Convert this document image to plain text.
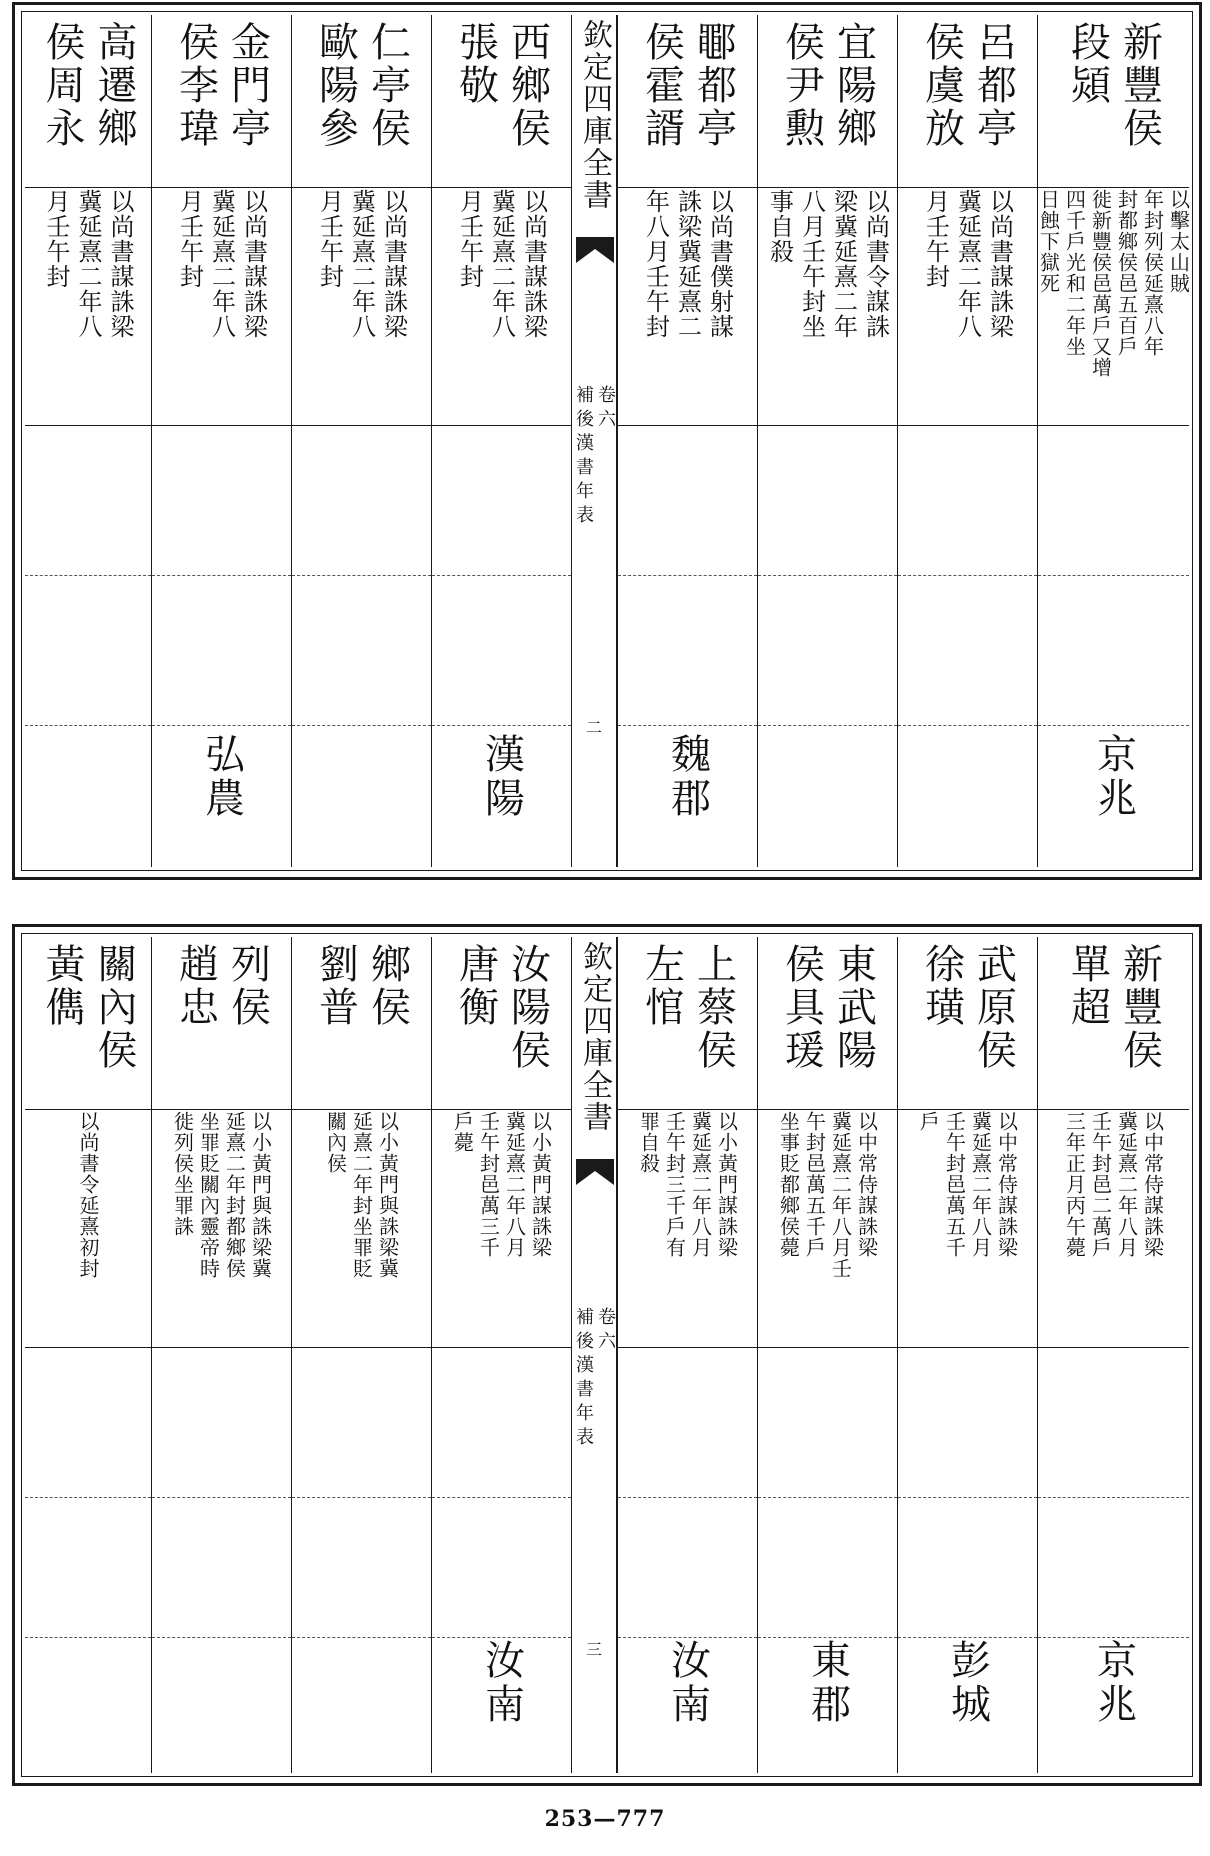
新豐侯
段熲
以擊太山賊
年封列侯延熹八年
封都鄉侯邑五百戶
徙新豐侯邑萬戶又增
四千戶光和二年坐
日蝕下獄死
京兆
呂都亭
侯虞放
以尚書謀誅梁
冀延熹二年八
月壬午封
宜陽鄉
侯尹勲
以尚書令謀誅
梁冀延熹二年
八月壬午封坐
事自殺
鄳都亭
侯霍諝
以尚書僕射謀
誅梁冀延熹二
年八月壬午封
魏郡
欽定四庫全書
補後漢書年表 卷六
二
西鄉侯
張敬
以尚書謀誅梁
冀延熹二年八
月壬午封
漢陽
仁亭侯
歐陽參
以尚書謀誅梁
冀延熹二年八
月壬午封
金門亭
侯李瑋
以尚書謀誅梁
冀延熹二年八
月壬午封
弘農
高遷鄉
侯周永
以尚書謀誅梁
冀延熹二年八
月壬午封
新豐侯
單超
以中常侍謀誅梁
冀延熹二年八月
壬午封邑二萬戶
三年正月丙午薨
京兆
武原侯
徐璜
以中常侍謀誅梁
冀延熹二年八月
壬午封邑萬五千
戶
彭城
東武陽
侯具瑗
以中常侍謀誅梁
冀延熹二年八月壬
午封邑萬五千戶
坐事貶都鄉侯薨
東郡
上蔡侯
左悺
以小黃門謀誅梁
冀延熹二年八月
壬午封三千戶有
罪自殺
汝南
欽定四庫全書
補後漢書年表 卷六
三
汝陽侯
唐衡
以小黃門謀誅梁
冀延熹二年八月
壬午封邑萬三千
戶薨
汝南
鄉侯
劉普
以小黃門與誅梁冀
延熹二年封坐罪貶
關內侯
列侯
趙忠
以小黃門與誅梁冀
延熹二年封都鄉侯
坐罪貶關內靈帝時
徙列侯坐罪誅
關內侯
黃儁
以尚書令延熹初封
253—777
